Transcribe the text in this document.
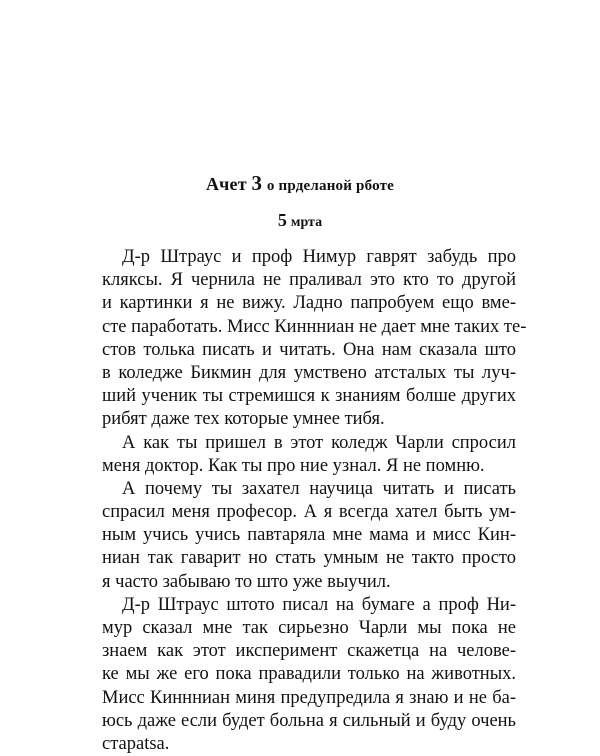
Ачет 3 о прделаной рботе
5 мрта
Д-р Штраус и проф Нимур гаврят забудь про
кляксы. Я чернила не праливал это кто то другой
и картинки я не вижу. Ладно папробуем ещо вме-
сте паработать. Мисс Киннниан не дает мне таких те-
стов толька писать и читать. Она нам сказала што
в коледже Бикмин для умствено атсталых ты луч-
ший ученик ты стремишся к знаниям болше других
рибят даже тех которые умнее тибя.
А как ты пришел в этот коледж Чарли спросил
меня доктор. Как ты про ние узнал. Я не помню.
А почему ты захател научица читать и писать
спрасил меня професор. А я всегда хател быть ум-
ным учись учись павтаряла мне мама и мисс Кин-
ниан так гаварит но стать умным не такто просто
я часто забываю то што уже выучил.
Д-р Штраус штото писал на бумаге а проф Ни-
мур сказал мне так сирьезно Чарли мы пока не
знаем как этот иксперимент скажетца на челове-
ке мы же его пока правадили только на животных.
Мисс Киннниан миня предупредила я знаю и не ба-
юсь даже если будет больна я сильный и буду очень
старatsа.
